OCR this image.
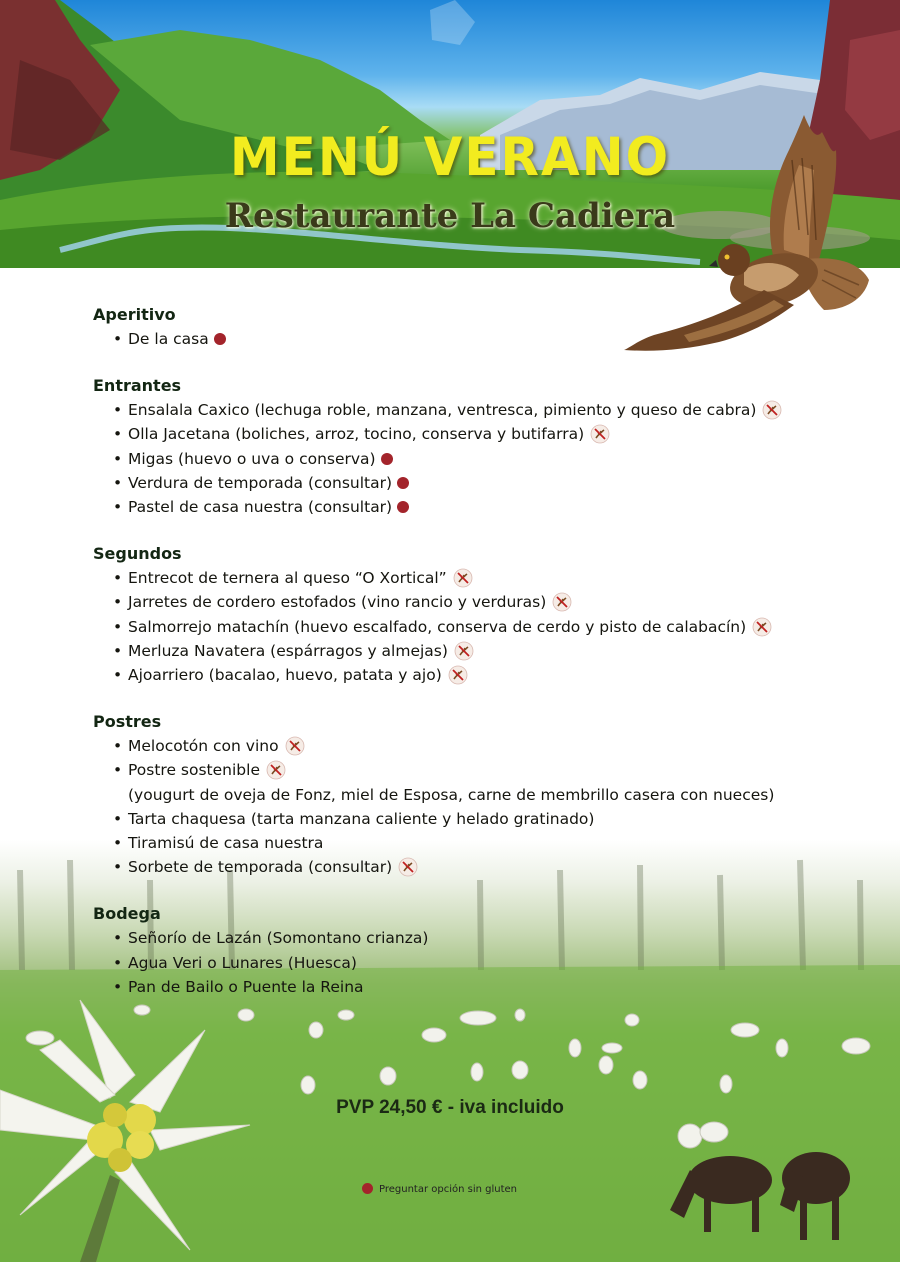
MENÚ VERANO
Restaurante La Cadiera
Aperitivo
• De la casa
Entrantes
• Ensalala Caxico (lechuga roble, manzana, ventresca, pimiento y queso de cabra)
• Olla Jacetana (boliches, arroz, tocino, conserva y butifarra)
• Migas (huevo o uva o conserva)
• Verdura de temporada (consultar)
• Pastel de casa nuestra (consultar)
Segundos
• Entrecot de ternera al queso “O Xortical”
• Jarretes de cordero estofados (vino rancio y verduras)
• Salmorrejo matachín (huevo escalfado, conserva de cerdo y pisto de calabacín)
• Merluza Navatera (espárragos y almejas)
• Ajoarriero (bacalao, huevo, patata y ajo)
Postres
• Melocotón con vino
• Postre sostenible
(yougurt de oveja de Fonz, miel de Esposa, carne de membrillo casera con nueces)
• Tarta chaquesa (tarta manzana caliente y helado gratinado)
• Tiramisú de casa nuestra
• Sorbete de temporada (consultar)
Bodega
• Señorío de Lazán (Somontano crianza)
• Agua Veri o Lunares (Huesca)
• Pan de Bailo o Puente la Reina
PVP 24,50 € - iva incluido
Preguntar opción sin gluten
